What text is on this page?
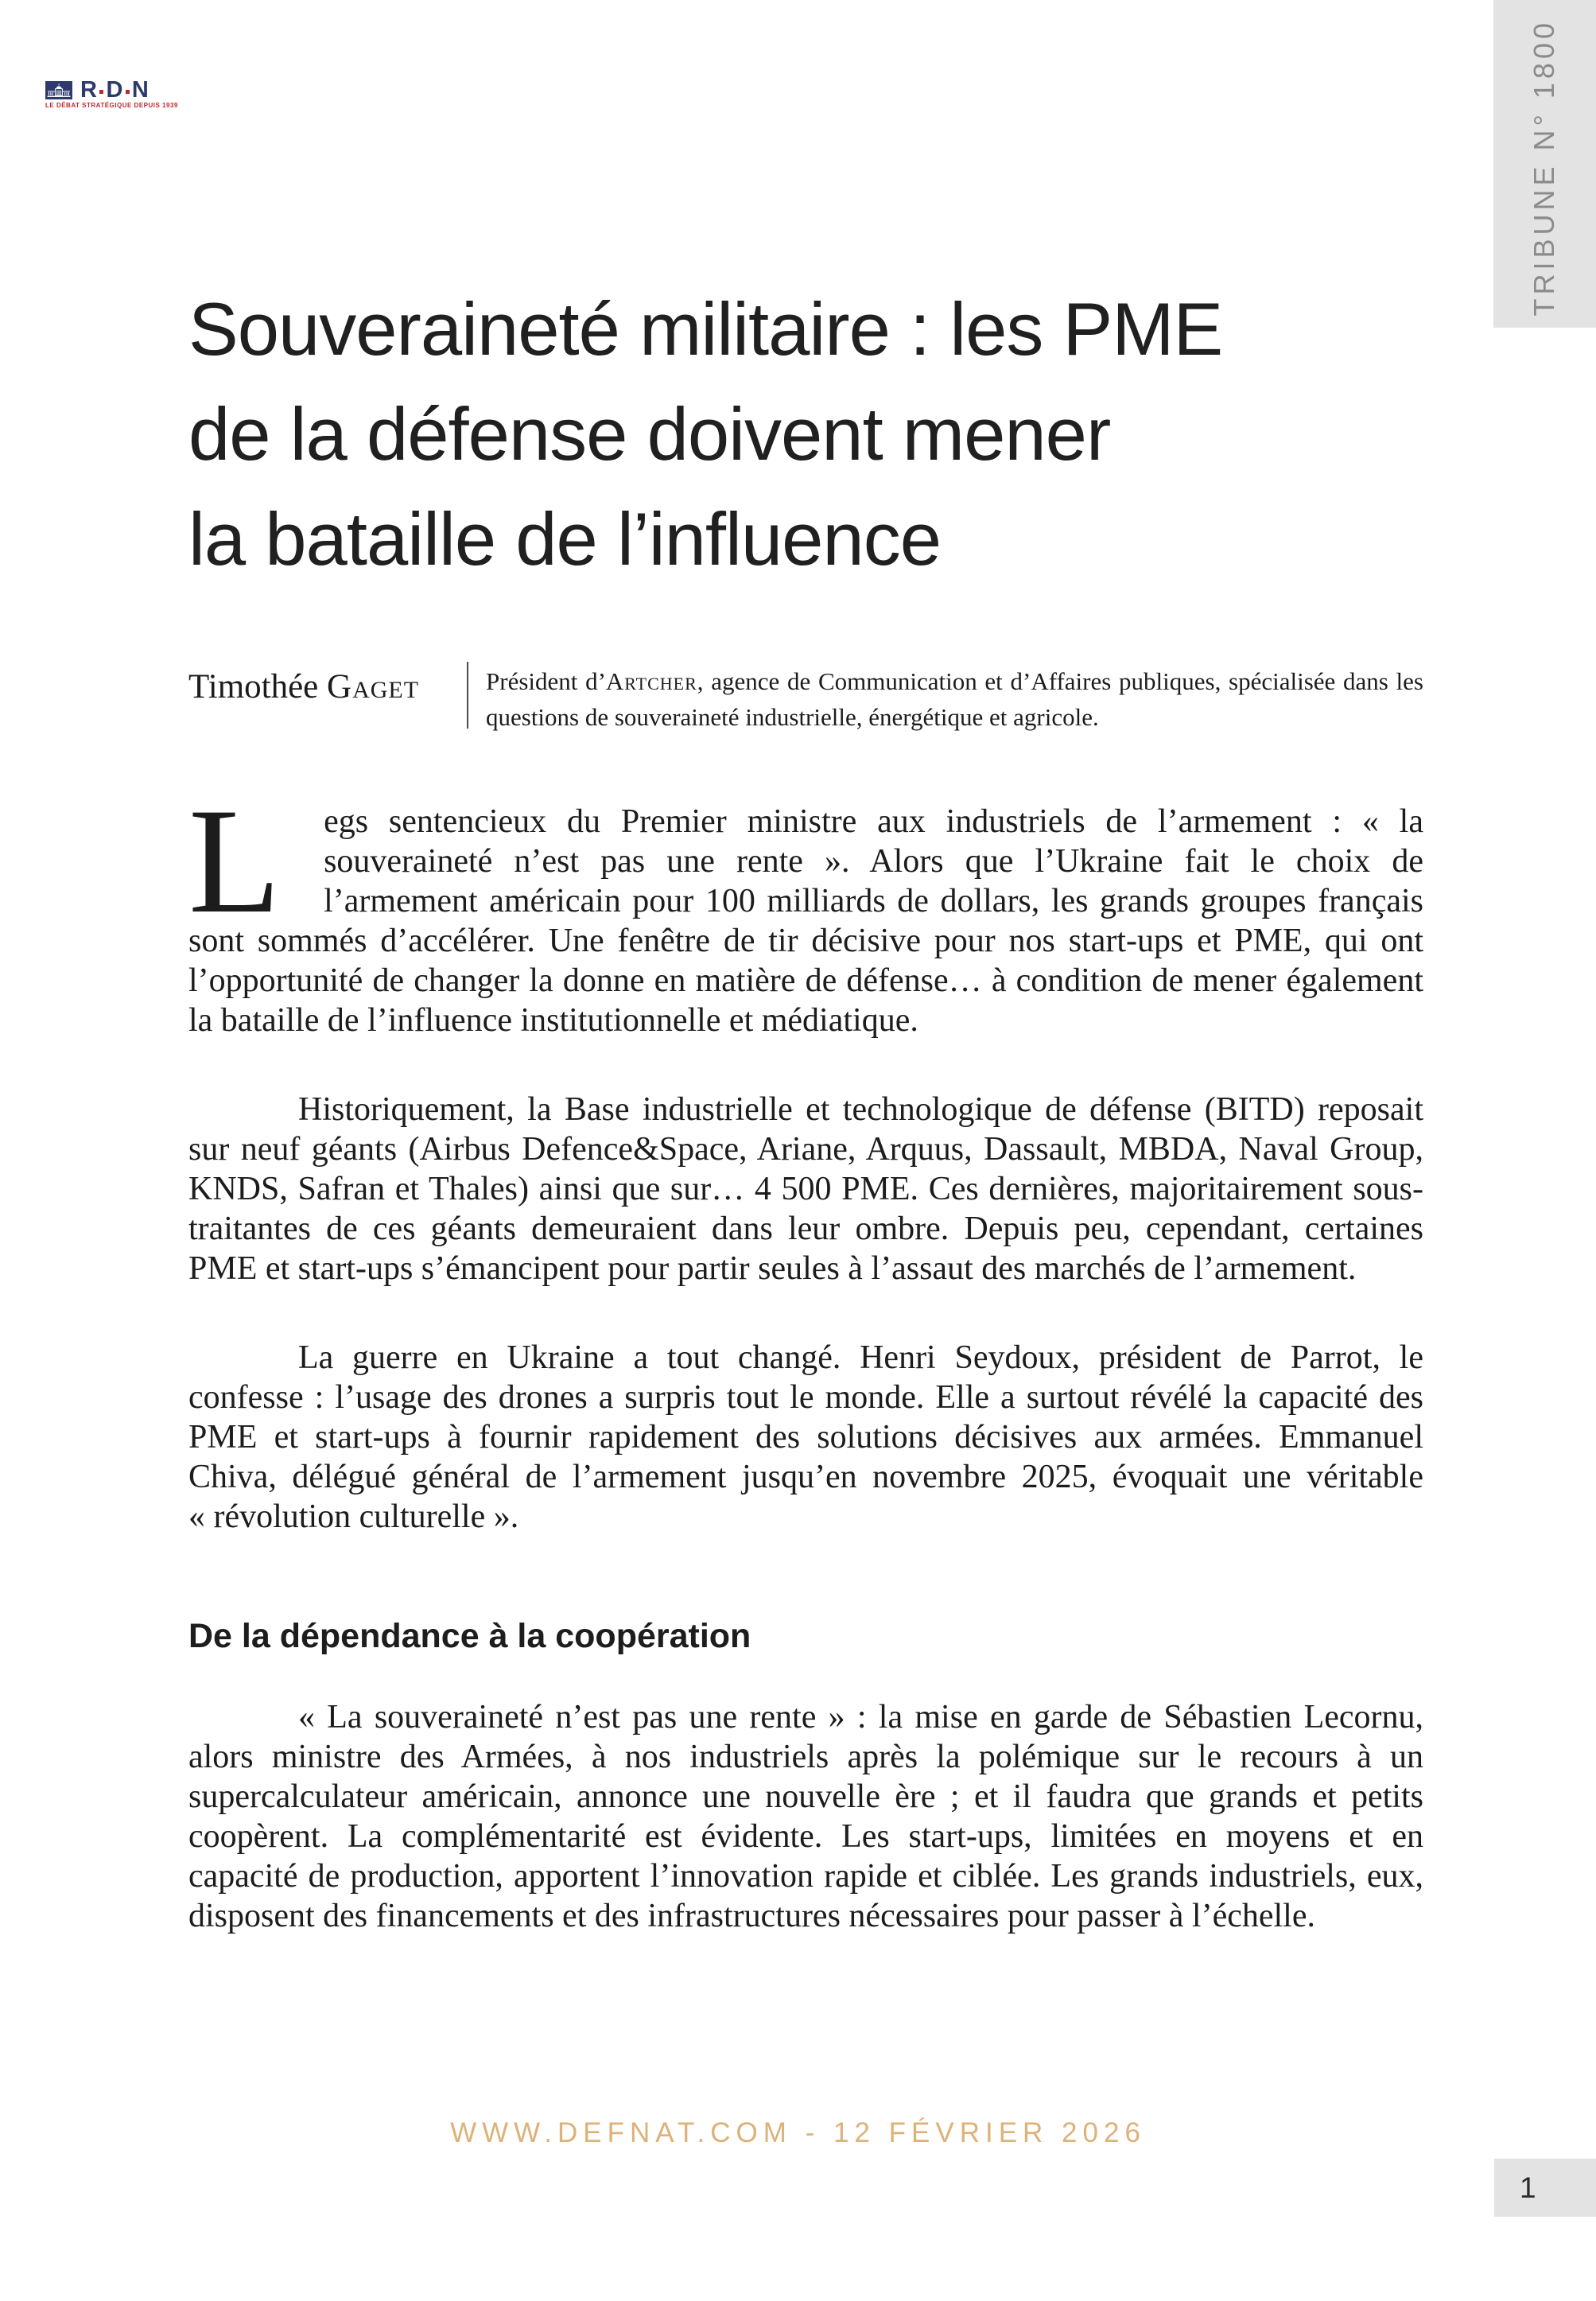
TRIBUNE N° 1800
R D N
LE DÉBAT STRATÉGIQUE DEPUIS 1939
Souveraineté militaire : les PME
de la défense doivent mener
la bataille de l’influence
Timothée Gaget	Président d’Artcher, agence de Communication et d’Affaires publiques, spécialisée dans les questions de souveraineté industrielle, énergétique et agricole.

L egs sentencieux du Premier ministre aux industriels de l’armement : « la souveraineté n’est pas une rente ». Alors que l’Ukraine fait le choix de l’armement américain pour 100 milliards de dollars, les grands groupes français sont sommés d’accélérer. Une fenêtre de tir décisive pour nos start-ups et PME, qui ont l’opportunité de changer la donne en matière de défense… à condition de mener également la bataille de l’influence institutionnelle et médiatique.

Historiquement, la Base industrielle et technologique de défense (BITD) reposait sur neuf géants (Airbus Defence&Space, Ariane, Arquus, Dassault, MBDA, Naval Group, KNDS, Safran et Thales) ainsi que sur… 4 500 PME. Ces dernières, majoritairement sous-traitantes de ces géants demeuraient dans leur ombre. Depuis peu, cependant, certaines PME et start-ups s’émancipent pour partir seules à l’assaut des marchés de l’armement.

La guerre en Ukraine a tout changé. Henri Seydoux, président de Parrot, le confesse : l’usage des drones a surpris tout le monde. Elle a surtout révélé la capacité des PME et start-ups à fournir rapidement des solutions décisives aux armées. Emmanuel Chiva, délégué général de l’armement jusqu’en novembre 2025, évoquait une véritable « révolution culturelle ».

De la dépendance à la coopération

« La souveraineté n’est pas une rente » : la mise en garde de Sébastien Lecornu, alors ministre des Armées, à nos industriels après la polémique sur le recours à un supercalculateur américain, annonce une nouvelle ère ; et il faudra que grands et petits coopèrent. La complémentarité est évidente. Les start-ups, limitées en moyens et en capacité de production, apportent l’innovation rapide et ciblée. Les grands industriels, eux, disposent des financements et des infrastructures nécessaires pour passer à l’échelle.

WWW.DEFNAT.COM - 12 FÉVRIER 2026
1
